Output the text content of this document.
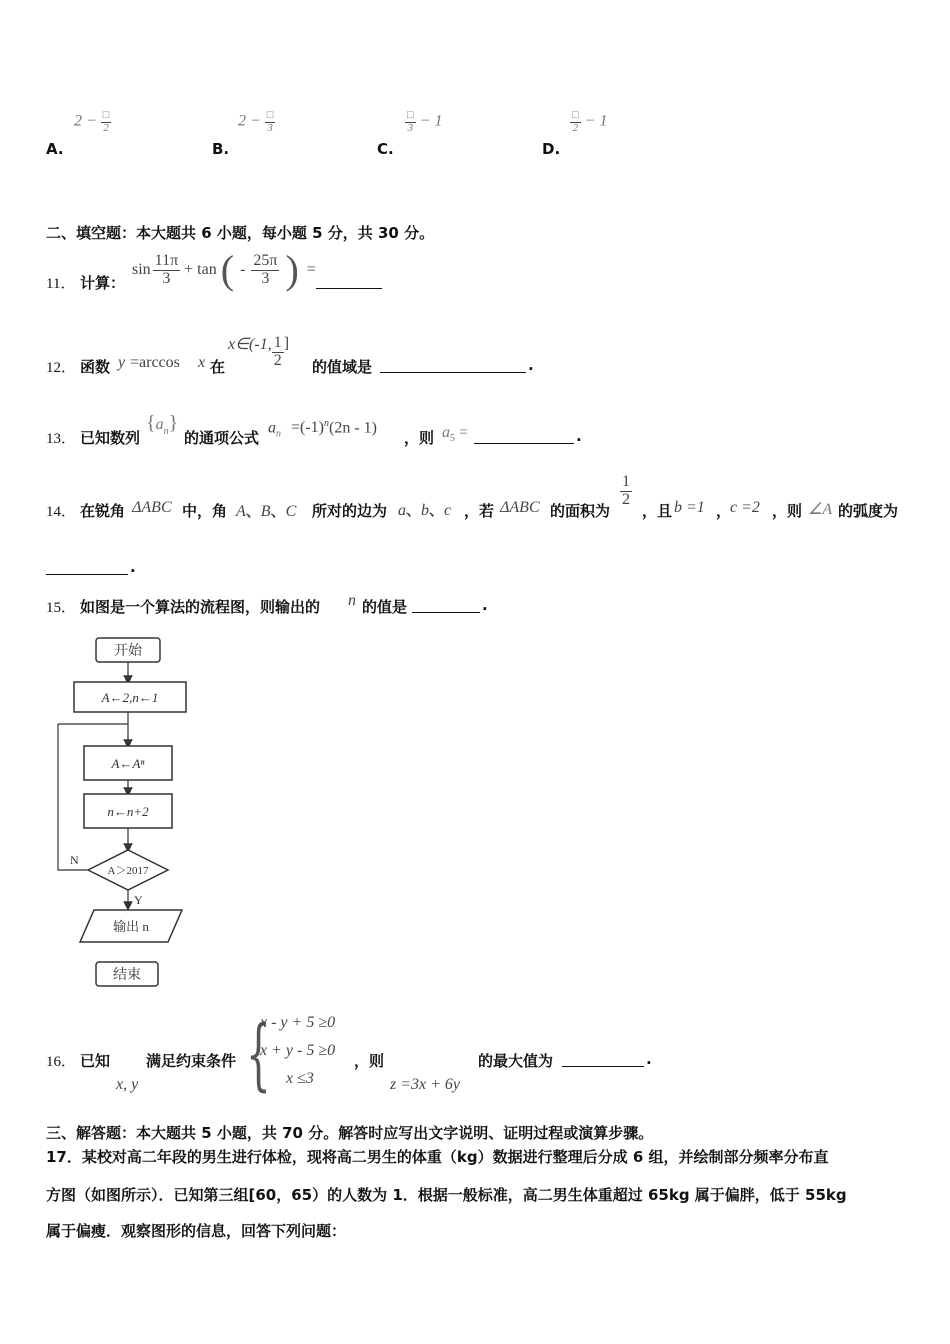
$2 - \frac{□}{2}$
A.
$2 - \frac{□}{3}$
B.
$\frac{□}{3} - 1$
C.
$\frac{□}{2} - 1$
D.
二、填空题：本大题共 6 小题，每小题 5 分，共 30 分。
11． 计算：
$\sin \frac{11\pi}{3} + \tan$ ( - $\frac{25\pi}{3}$ ) =
12． 函数 y =arccos x 在
x∈(-1, $\frac{1}{2}$ ]
的值域是	.
13． 已知数列
$\{a_n\}$
的通项公式
$a_n =(-1)^n(2n - 1)$
，则 $a_5$ =	.
14． 在锐角 ΔABC 中，角 A、B、C 所对的边为 a、b、c ，若 ΔABC 的面积为
$\frac{1}{2}$
，且 b =1 ，
c =2 ，则 ∠A 的弧度为
.
15． 如图是一个算法的流程图，则输出的 n 的值是	.
开始
A←2,n←1
A←Aⁿ
n←n+2
A＞2017
N
Y
输出 n
结束
16． 已知
x, y
满足约束条件 {
x - y + 5 ≥0
x + y - 5 ≥0
x ≤3
，则
z =3x + 6y
的最大值为	.
三、解答题：本大题共 5 小题，共 70 分。解答时应写出文字说明、证明过程或演算步骤。
17．某校对高二年段的男生进行体检，现将高二男生的体重（kg）数据进行整理后分成 6 组，并绘制部分频率分布直
方图（如图所示）．已知第三组[60，65）的人数为 1．根据一般标准，高二男生体重超过 65kg 属于偏胖，低于 55kg
属于偏瘦．观察图形的信息，回答下列问题：
